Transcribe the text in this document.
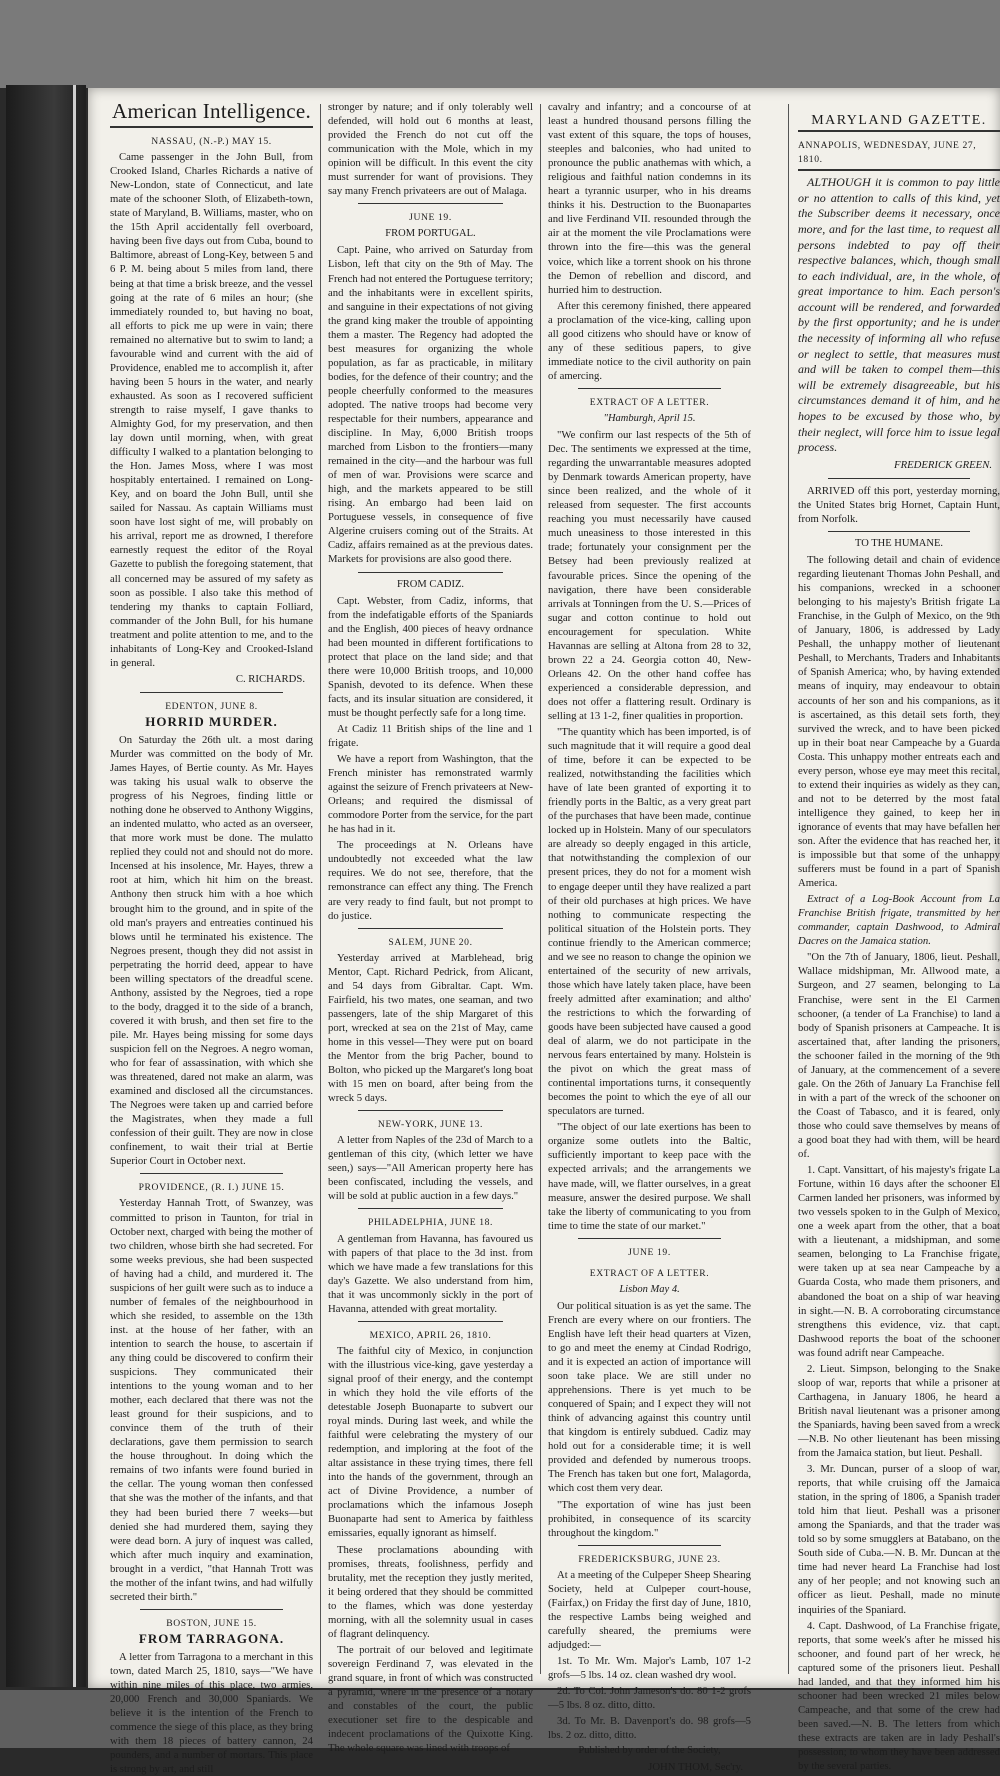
American Intelligence.

NASSAU, (N.-P.) MAY 15.

Came passenger in the John Bull, from Crooked Island, Charles Richards a native of New-London, state of Connecticut, and late mate of the schooner Sloth, of Elizabeth-town, state of Maryland, B. Williams, master, who on the 15th April accidentally fell overboard, having been five days out from Cuba, bound to Baltimore, abreast of Long-Key, between 5 and 6 P. M. being about 5 miles from land, there being at that time a brisk breeze, and the vessel going at the rate of 6 miles an hour; (she immediately rounded to, but having no boat, all efforts to pick me up were in vain; there remained no alternative but to swim to land; a favourable wind and current with the aid of Providence, enabled me to accomplish it, after having been 5 hours in the water, and nearly exhausted. As soon as I recovered sufficient strength to raise myself, I gave thanks to Almighty God, for my preservation, and then lay down until morning, when, with great difficulty I walked to a plantation belonging to the Hon. James Moss, where I was most hospitably entertained. I remained on Long-Key, and on board the John Bull, until she sailed for Nassau. As captain Williams must soon have lost sight of me, will probably on his arrival, report me as drowned, I therefore earnestly request the editor of the Royal Gazette to publish the foregoing statement, that all concerned may be assured of my safety as soon as possible. I also take this method of tendering my thanks to captain Folliard, commander of the John Bull, for his humane treatment and polite attention to me, and to the inhabitants of Long-Key and Crooked-Island in general.

C. RICHARDS.

EDENTON, JUNE 8.

HORRID MURDER.

On Saturday the 26th ult. a most daring Murder was committed on the body of Mr. James Hayes, of Bertie county. As Mr. Hayes was taking his usual walk to observe the progress of his Negroes, finding little or nothing done he observed to Anthony Wiggins, an indented mulatto, who acted as an overseer, that more work must be done. The mulatto replied they could not and should not do more. Incensed at his insolence, Mr. Hayes, threw a root at him, which hit him on the breast. Anthony then struck him with a hoe which brought him to the ground, and in spite of the old man's prayers and entreaties continued his blows until he terminated his existence. The Negroes present, though they did not assist in perpetrating the horrid deed, appear to have been willing spectators of the dreadful scene. Anthony, assisted by the Negroes, tied a rope to the body, dragged it to the side of a branch, covered it with brush, and then set fire to the pile. Mr. Hayes being missing for some days suspicion fell on the Negroes. A negro woman, who for fear of assassination, with which she was threatened, dared not make an alarm, was examined and disclosed all the circumstances. The Negroes were taken up and carried before the Magistrates, when they made a full confession of their guilt. They are now in close confinement, to wait their trial at Bertie Superior Court in October next.

PROVIDENCE, (R. I.) JUNE 15.

Yesterday Hannah Trott, of Swanzey, was committed to prison in Taunton, for trial in October next, charged with being the mother of two children, whose birth she had secreted. For some weeks previous, she had been suspected of having had a child, and murdered it. The suspicions of her guilt were such as to induce a number of females of the neighbourhood in which she resided, to assemble on the 13th inst. at the house of her father, with an intention to search the house, to ascertain if any thing could be discovered to confirm their suspicions. They communicated their intentions to the young woman and to her mother, each declared that there was not the least ground for their suspicions, and to convince them of the truth of their declarations, gave them permission to search the house throughout. In doing which the remains of two infants were found buried in the cellar. The young woman then confessed that she was the mother of the infants, and that they had been buried there 7 weeks—but denied she had murdered them, saying they were dead born. A jury of inquest was called, which after much inquiry and examination, brought in a verdict, "that Hannah Trott was the mother of the infant twins, and had wilfully secreted their birth."

BOSTON, JUNE 15.

FROM TARRAGONA.

A letter from Tarragona to a merchant in this town, dated March 25, 1810, says—"We have within nine miles of this place, two armies, 20,000 French and 30,000 Spaniards. We believe it is the intention of the French to commence the siege of this place, as they bring with them 18 pieces of battery cannon, 24 pounders, and a number of mortars. This place is strong by art, and still

stronger by nature; and if only tolerably well defended, will hold out 6 months at least, provided the French do not cut off the communication with the Mole, which in my opinion will be difficult. In this event the city must surrender for want of provisions. They say many French privateers are out of Malaga.

JUNE 19.

FROM PORTUGAL.

Capt. Paine, who arrived on Saturday from Lisbon, left that city on the 9th of May. The French had not entered the Portuguese territory; and the inhabitants were in excellent spirits, and sanguine in their expectations of not giving the grand king maker the trouble of appointing them a master. The Regency had adopted the best measures for organizing the whole population, as far as practicable, in military bodies, for the defence of their country; and the people cheerfully conformed to the measures adopted. The native troops had become very respectable for their numbers, appearance and discipline. In May, 6,000 British troops marched from Lisbon to the frontiers—many remained in the city—and the harbour was full of men of war. Provisions were scarce and high, and the markets appeared to be still rising. An embargo had been laid on Portuguese vessels, in consequence of five Algerine cruisers coming out of the Straits. At Cadiz, affairs remained as at the previous dates. Markets for provisions are also good there.

FROM CADIZ.

Capt. Webster, from Cadiz, informs, that from the indefatigable efforts of the Spaniards and the English, 400 pieces of heavy ordnance had been mounted in different fortifications to protect that place on the land side; and that there were 10,000 British troops, and 10,000 Spanish, devoted to its defence. When these facts, and its insular situation are considered, it must be thought perfectly safe for a long time.

At Cadiz 11 British ships of the line and 1 frigate.

We have a report from Washington, that the French minister has remonstrated warmly against the seizure of French privateers at New-Orleans; and required the dismissal of commodore Porter from the service, for the part he has had in it.

The proceedings at N. Orleans have undoubtedly not exceeded what the law requires. We do not see, therefore, that the remonstrance can effect any thing. The French are very ready to find fault, but not prompt to do justice.

SALEM, JUNE 20.

Yesterday arrived at Marblehead, brig Mentor, Capt. Richard Pedrick, from Alicant, and 54 days from Gibraltar. Capt. Wm. Fairfield, his two mates, one seaman, and two passengers, late of the ship Margaret of this port, wrecked at sea on the 21st of May, came home in this vessel—They were put on board the Mentor from the brig Pacher, bound to Bolton, who picked up the Margaret's long boat with 15 men on board, after being from the wreck 5 days.

NEW-YORK, JUNE 13.

A letter from Naples of the 23d of March to a gentleman of this city, (which letter we have seen,) says—"All American property here has been confiscated, including the vessels, and will be sold at public auction in a few days."

PHILADELPHIA, JUNE 18.

A gentleman from Havanna, has favoured us with papers of that place to the 3d inst. from which we have made a few translations for this day's Gazette. We also understand from him, that it was uncommonly sickly in the port of Havanna, attended with great mortality.

MEXICO, APRIL 26, 1810.

The faithful city of Mexico, in conjunction with the illustrious vice-king, gave yesterday a signal proof of their energy, and the contempt in which they hold the vile efforts of the detestable Joseph Buonaparte to subvert our royal minds. During last week, and while the faithful were celebrating the mystery of our redemption, and imploring at the foot of the altar assistance in these trying times, there fell into the hands of the government, through an act of Divine Providence, a number of proclamations which the infamous Joseph Buonaparte had sent to America by faithless emissaries, equally ignorant as himself.

These proclamations abounding with promises, threats, foolishness, perfidy and brutality, met the reception they justly merited, it being ordered that they should be committed to the flames, which was done yesterday morning, with all the solemnity usual in cases of flagrant delinquency.

The portrait of our beloved and legitimate sovereign Ferdinand 7, was elevated in the grand square, in front of which was constructed a pyramid, where in the presence of a notary and constables of the court, the public executioner set fire to the despicable and indecent proclamations of the Quixotte King. The whole square was lined with troops of

cavalry and infantry; and a concourse of at least a hundred thousand persons filling the vast extent of this square, the tops of houses, steeples and balconies, who had united to pronounce the public anathemas with which, a religious and faithful nation condemns in its heart a tyrannic usurper, who in his dreams thinks it his. Destruction to the Buonapartes and live Ferdinand VII. resounded through the air at the moment the vile Proclamations were thrown into the fire—this was the general voice, which like a torrent shook on his throne the Demon of rebellion and discord, and hurried him to destruction.

After this ceremony finished, there appeared a proclamation of the vice-king, calling upon all good citizens who should have or know of any of these seditious papers, to give immediate notice to the civil authority on pain of amercing.

EXTRACT OF A LETTER.

"Hamburgh, April 15.

"We confirm our last respects of the 5th of Dec. The sentiments we expressed at the time, regarding the unwarrantable measures adopted by Denmark towards American property, have since been realized, and the whole of it released from sequester. The first accounts reaching you must necessarily have caused much uneasiness to those interested in this trade; fortunately your consignment per the Betsey had been previously realized at favourable prices. Since the opening of the navigation, there have been considerable arrivals at Tonningen from the U. S.—Prices of sugar and cotton continue to hold out encouragement for speculation. White Havannas are selling at Altona from 28 to 32, brown 22 a 24. Georgia cotton 40, New-Orleans 42. On the other hand coffee has experienced a considerable depression, and does not offer a flattering result. Ordinary is selling at 13 1-2, finer qualities in proportion.

"The quantity which has been imported, is of such magnitude that it will require a good deal of time, before it can be expected to be realized, notwithstanding the facilities which have of late been granted of exporting it to friendly ports in the Baltic, as a very great part of the purchases that have been made, continue locked up in Holstein. Many of our speculators are already so deeply engaged in this article, that notwithstanding the complexion of our present prices, they do not for a moment wish to engage deeper until they have realized a part of their old purchases at high prices. We have nothing to communicate respecting the political situation of the Holstein ports. They continue friendly to the American commerce; and we see no reason to change the opinion we entertained of the security of new arrivals, those which have lately taken place, have been freely admitted after examination; and altho' the restrictions to which the forwarding of goods have been subjected have caused a good deal of alarm, we do not participate in the nervous fears entertained by many. Holstein is the pivot on which the great mass of continental importations turns, it consequently becomes the point to which the eye of all our speculators are turned.

"The object of our late exertions has been to organize some outlets into the Baltic, sufficiently important to keep pace with the expected arrivals; and the arrangements we have made, will, we flatter ourselves, in a great measure, answer the desired purpose. We shall take the liberty of communicating to you from time to time the state of our market."

JUNE 19.

EXTRACT OF A LETTER.

Lisbon May 4.

Our political situation is as yet the same. The French are every where on our frontiers. The English have left their head quarters at Vizen, to go and meet the enemy at Cindad Rodrigo, and it is expected an action of importance will soon take place. We are still under no apprehensions. There is yet much to be conquered of Spain; and I expect they will not think of advancing against this country until that kingdom is entirely subdued. Cadiz may hold out for a considerable time; it is well provided and defended by numerous troops. The French has taken but one fort, Malagorda, which cost them very dear.

"The exportation of wine has just been prohibited, in consequence of its scarcity throughout the kingdom."

FREDERICKSBURG, JUNE 23.

At a meeting of the Culpeper Sheep Shearing Society, held at Culpeper court-house, (Fairfax,) on Friday the first day of June, 1810, the respective Lambs being weighed and carefully sheared, the premiums were adjudged:—

1st. To Mr. Wm. Major's Lamb, 107 1-2 grofs—5 lbs. 14 oz. clean washed dry wool.

2d. To Col. John Jameson's do. 80 1-2 grofs—5 lbs. 8 oz. ditto, ditto.

3d. To Mr. B. Davenport's do. 98 grofs—5 lbs. 2 oz. ditto, ditto.

Published by order of the Society,

JOHN THOM, Sec'ry.

MARYLAND GAZETTE.

ANNAPOLIS, WEDNESDAY, JUNE 27, 1810.

ALTHOUGH it is common to pay little or no attention to calls of this kind, yet the Subscriber deems it necessary, once more, and for the last time, to request all persons indebted to pay off their respective balances, which, though small to each individual, are, in the whole, of great importance to him. Each person's account will be rendered, and forwarded by the first opportunity; and he is under the necessity of informing all who refuse or neglect to settle, that measures must and will be taken to compel them—this will be extremely disagreeable, but his circumstances demand it of him, and he hopes to be excused by those who, by their neglect, will force him to issue legal process.

FREDERICK GREEN.

ARRIVED off this port, yesterday morning, the United States brig Hornet, Captain Hunt, from Norfolk.

TO THE HUMANE.

The following detail and chain of evidence regarding lieutenant Thomas John Peshall, and his companions, wrecked in a schooner belonging to his majesty's British frigate La Franchise, in the Gulph of Mexico, on the 9th of January, 1806, is addressed by Lady Peshall, the unhappy mother of lieutenant Peshall, to Merchants, Traders and Inhabitants of Spanish America; who, by having extended means of inquiry, may endeavour to obtain accounts of her son and his companions, as it is ascertained, as this detail sets forth, they survived the wreck, and to have been picked up in their boat near Campeache by a Guarda Costa. This unhappy mother entreats each and every person, whose eye may meet this recital, to extend their inquiries as widely as they can, and not to be deterred by the most fatal intelligence they gained, to keep her in ignorance of events that may have befallen her son. After the evidence that has reached her, it is impossible but that some of the unhappy sufferers must be found in a part of Spanish America.

Extract of a Log-Book Account from La Franchise British frigate, transmitted by her commander, captain Dashwood, to Admiral Dacres on the Jamaica station.

"On the 7th of January, 1806, lieut. Peshall, Wallace midshipman, Mr. Allwood mate, a Surgeon, and 27 seamen, belonging to La Franchise, were sent in the El Carmen schooner, (a tender of La Franchise) to land a body of Spanish prisoners at Campeache. It is ascertained that, after landing the prisoners, the schooner failed in the morning of the 9th of January, at the commencement of a severe gale. On the 26th of January La Franchise fell in with a part of the wreck of the schooner on the Coast of Tabasco, and it is feared, only those who could save themselves by means of a good boat they had with them, will be heard of.

1. Capt. Vansittart, of his majesty's frigate La Fortune, within 16 days after the schooner El Carmen landed her prisoners, was informed by two vessels spoken to in the Gulph of Mexico, one a week apart from the other, that a boat with a lieutenant, a midshipman, and some seamen, belonging to La Franchise frigate, were taken up at sea near Campeache by a Guarda Costa, who made them prisoners, and abandoned the boat on a ship of war heaving in sight.—N. B. A corroborating circumstance strengthens this evidence, viz. that capt. Dashwood reports the boat of the schooner was found adrift near Campeache.

2. Lieut. Simpson, belonging to the Snake sloop of war, reports that while a prisoner at Carthagena, in January 1806, he heard a British naval lieutenant was a prisoner among the Spaniards, having been saved from a wreck—N.B. No other lieutenant has been missing from the Jamaica station, but lieut. Peshall.

3. Mr. Duncan, purser of a sloop of war, reports, that while cruising off the Jamaica station, in the spring of 1806, a Spanish trader told him that lieut. Peshall was a prisoner among the Spaniards, and that the trader was told so by some smugglers at Batabano, on the South side of Cuba.—N. B. Mr. Duncan at the time had never heard La Franchise had lost any of her people; and not knowing such an officer as lieut. Peshall, made no minute inquiries of the Spaniard.

4. Capt. Dashwood, of La Franchise frigate, reports, that some week's after he missed his schooner, and found part of her wreck, he captured some of the prisoners lieut. Peshall had landed, and that they informed him his schooner had been wrecked 21 miles below Campeache, and that some of the crew had been saved.—N. B. The letters from which these extracts are taken are in lady Peshall's possession; to whom they have been addressed by the several parties.
